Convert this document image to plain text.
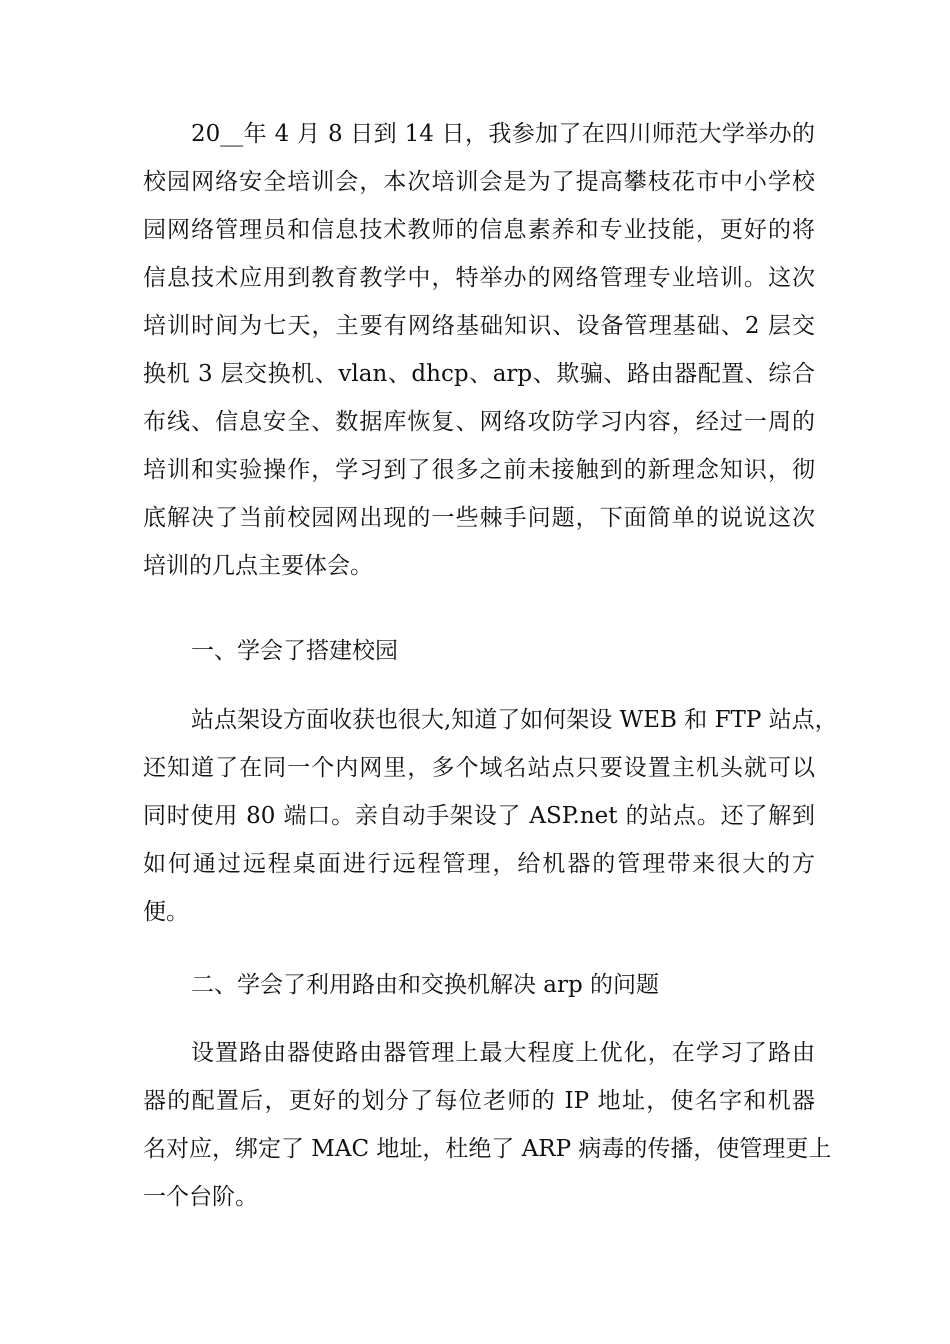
20__年 4 月 8 日到 14 日，我参加了在四川师范大学举办的
校园网络安全培训会，本次培训会是为了提高攀枝花市中小学校
园网络管理员和信息技术教师的信息素养和专业技能，更好的将
信息技术应用到教育教学中，特举办的网络管理专业培训。这次
培训时间为七天，主要有网络基础知识、设备管理基础、2 层交
换机 3 层交换机、vlan、dhcp、arp、欺骗、路由器配置、综合
布线、信息安全、数据库恢复、网络攻防学习内容，经过一周的
培训和实验操作，学习到了很多之前未接触到的新理念知识，彻
底解决了当前校园网出现的一些棘手问题，下面简单的说说这次
培训的几点主要体会。
一、学会了搭建校园
站点架设方面收获也很大,知道了如何架设 WEB 和 FTP 站点，
还知道了在同一个内网里，多个域名站点只要设置主机头就可以
同时使用 80 端口。亲自动手架设了 ASP.net 的站点。还了解到
如何通过远程桌面进行远程管理，给机器的管理带来很大的方
便。
二、学会了利用路由和交换机解决 arp 的问题
设置路由器使路由器管理上最大程度上优化，在学习了路由
器的配置后，更好的划分了每位老师的 IP 地址，使名字和机器
名对应，绑定了 MAC 地址，杜绝了 ARP 病毒的传播，使管理更上
一个台阶。
